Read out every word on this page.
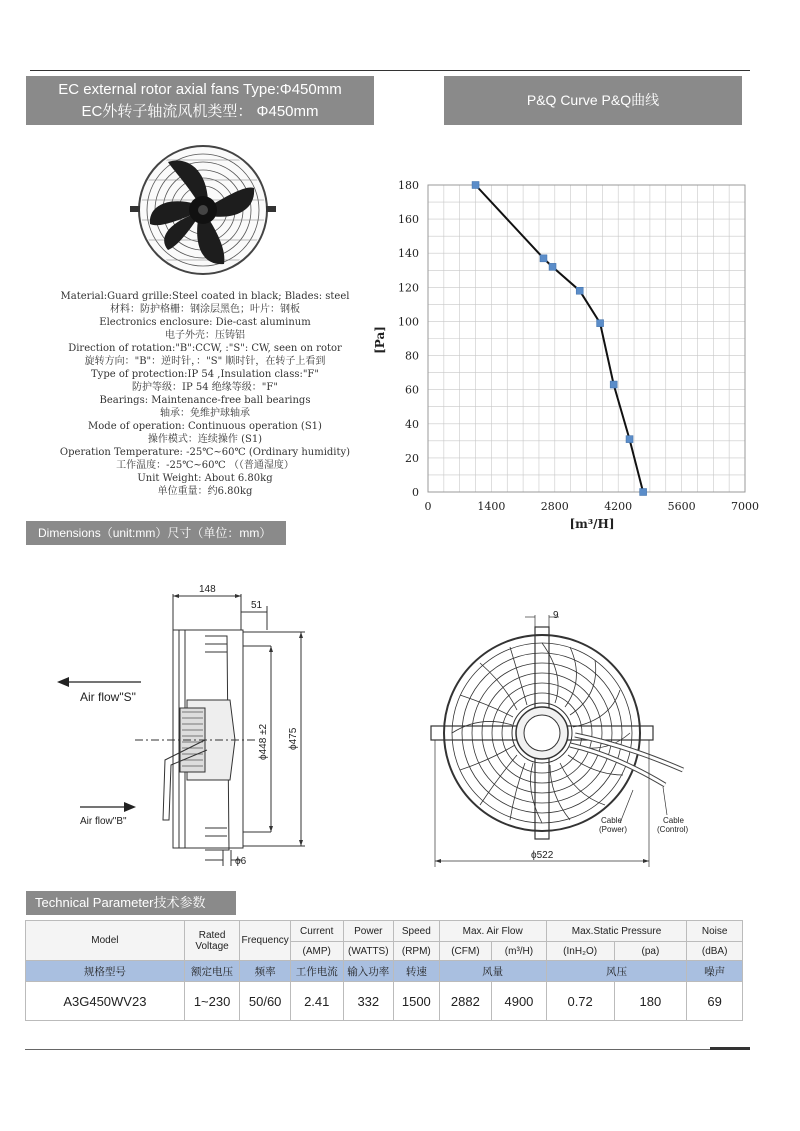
EC external rotor axial fans Type:Φ450mm
EC外转子轴流风机类型： Φ450mm
P&Q Curve P&Q曲线
Material:Guard grille:Steel coated in black; Blades: steel
材料：防护格栅：钢涂层黑色；叶片：钢板
Electronics enclosure: Die-cast aluminum
电子外壳：压铸铝
Direction of rotation:"B":CCW, :"S": CW, seen on rotor
旋转方向："B"：逆时针，："S" 顺时针，在转子上看到
Type of protection:IP 54 ,Insulation class:"F"
防护等级：IP 54 绝缘等级："F"
Bearings: Maintenance-free ball bearings
轴承：免维护球轴承
Mode of operation: Continuous operation (S1)
操作模式：连续操作 (S1)
Operation Temperature: -25℃~60℃ (Ordinary humidity)
工作温度：-25℃~60℃ （（普通湿度）
Unit Weight: About 6.80kg
单位重量：约6.80kg	0
20
40
60
80
100
120
140
160
180
0	1400	2800	4200	5600	7000
[Pa]
[m³/H]
Dimensions（unit:mm）尺寸（单位：mm）
148
51
ϕ448 ±2 ϕ475
ϕ6
Air flow"S"
Air flow"B"
9
ϕ522
Cable
(Power)
Cable
(Control)
Technical Parameter技术参数
Model	Rated Voltage	Frequency	Current	Power	Speed	Max. Air Flow		Max.Static Pressure		Noise
			(AMP)	(WATTS)	(RPM)	(CFM)	(m³/H)	(InH₂O)	(pa)	(dBA)
规格型号	额定电压	频率	工作电流	输入功率	转速	风量		风压		噪声
A3G450WV23	1~230	50/60	2.41	332	1500	2882	4900	0.72	180	69
